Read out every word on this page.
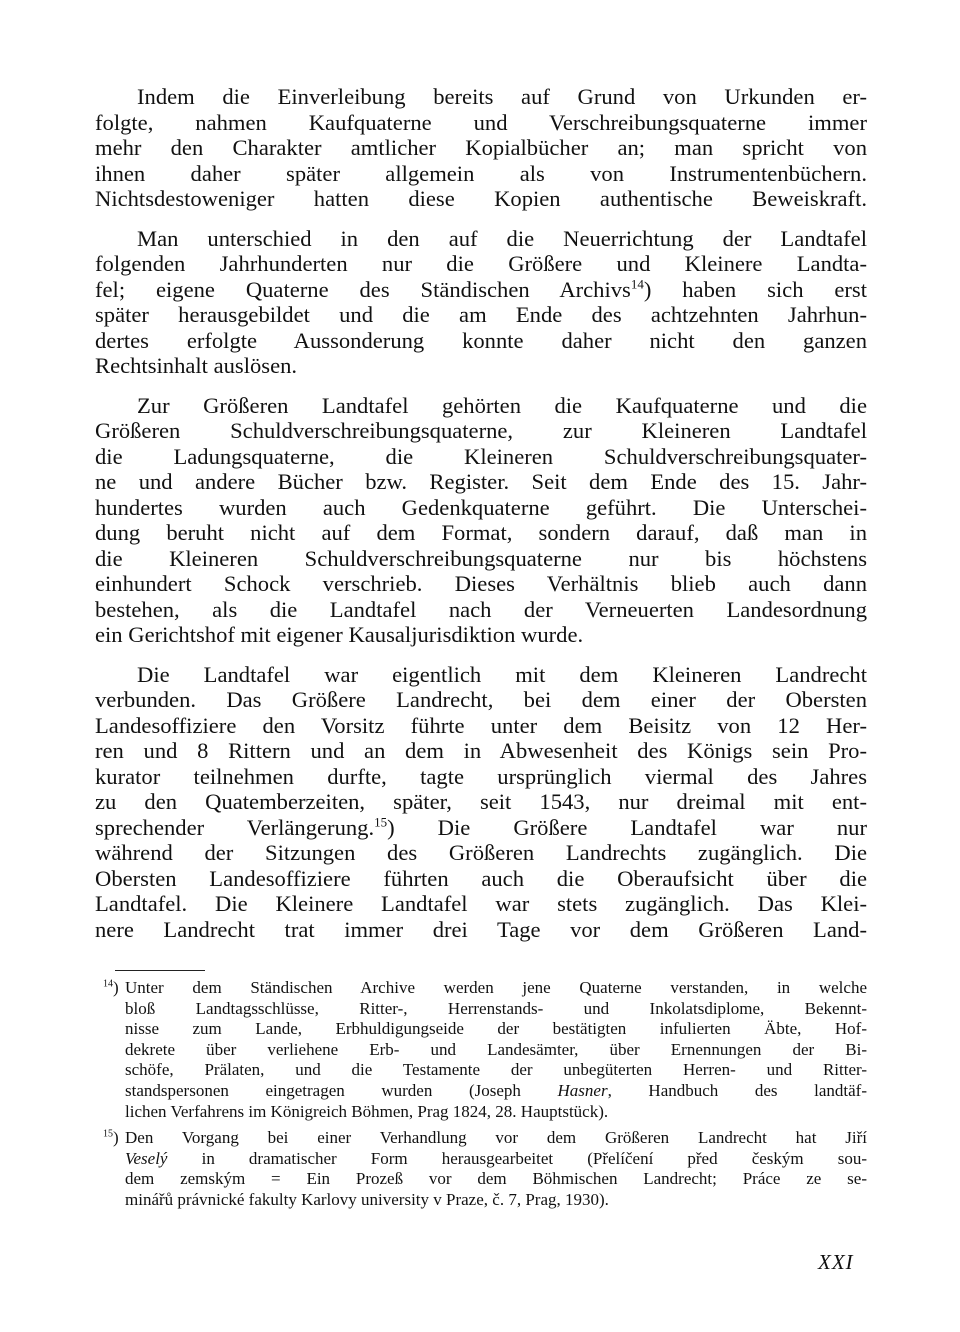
Indem die Einverleibung bereits auf Grund von Urkunden er-
folgte, nahmen Kaufquaterne und Verschreibungsquaterne immer
mehr den Charakter amtlicher Kopialbücher an; man spricht von
ihnen daher später allgemein als von Instrumentenbüchern.
Nichtsdestoweniger hatten diese Kopien authentische Beweiskraft.

Man unterschied in den auf die Neuerrichtung der Landtafel
folgenden Jahrhunderten nur die Größere und Kleinere Landta-
fel; eigene Quaterne des Ständischen Archivs$^{14}$) haben sich erst
später herausgebildet und die am Ende des achtzehnten Jahrhun-
dertes erfolgte Aussonderung konnte daher nicht den ganzen
Rechtsinhalt auslösen.

Zur Größeren Landtafel gehörten die Kaufquaterne und die
Größeren Schuldverschreibungsquaterne, zur Kleineren Landtafel
die Ladungsquaterne, die Kleineren Schuldverschreibungsquater-
ne und andere Bücher bzw. Register. Seit dem Ende des 15. Jahr-
hundertes wurden auch Gedenkquaterne geführt. Die Unterschei-
dung beruht nicht auf dem Format, sondern darauf, daß man in
die Kleineren Schuldverschreibungsquaterne nur bis höchstens
einhundert Schock verschrieb. Dieses Verhältnis blieb auch dann
bestehen, als die Landtafel nach der Verneuerten Landesordnung
ein Gerichtshof mit eigener Kausaljurisdiktion wurde.

Die Landtafel war eigentlich mit dem Kleineren Landrecht
verbunden. Das Größere Landrecht, bei dem einer der Obersten
Landesoffiziere den Vorsitz führte unter dem Beisitz von 12 Her-
ren und 8 Rittern und an dem in Abwesenheit des Königs sein Pro-
kurator teilnehmen durfte, tagte ursprünglich viermal des Jahres
zu den Quatemberzeiten, später, seit 1543, nur dreimal mit ent-
sprechender Verlängerung.$^{15}$) Die Größere Landtafel war nur
während der Sitzungen des Größeren Landrechts zugänglich. Die
Obersten Landesoffiziere führten auch die Oberaufsicht über die
Landtafel. Die Kleinere Landtafel war stets zugänglich. Das Klei-
nere Landrecht trat immer drei Tage vor dem Größeren Land-

$^{14}$) Unter dem Ständischen Archive werden jene Quaterne verstanden, in welche
bloß Landtagsschlüsse, Ritter-, Herrenstands- und Inkolatsdiplome, Bekennt-
nisse zum Lande, Erbhuldigungseide der bestätigten infulierten Äbte, Hof-
dekrete über verliehene Erb- und Landesämter, über Ernennungen der Bi-
schöfe, Prälaten, und die Testamente der unbegüterten Herren- und Ritter-
standspersonen eingetragen wurden (Joseph Hasner, Handbuch des landtäf-
lichen Verfahrens im Königreich Böhmen, Prag 1824, 28. Hauptstück).
$^{15}$) Den Vorgang bei einer Verhandlung vor dem Größeren Landrecht hat Jiří
Veselý in dramatischer Form herausgearbeitet (Přelíčení před českým sou-
dem zemským = Ein Prozeß vor dem Böhmischen Landrecht; Práce ze se-
minářů právnické fakulty Karlovy university v Praze, č. 7, Prag, 1930).
XXI
